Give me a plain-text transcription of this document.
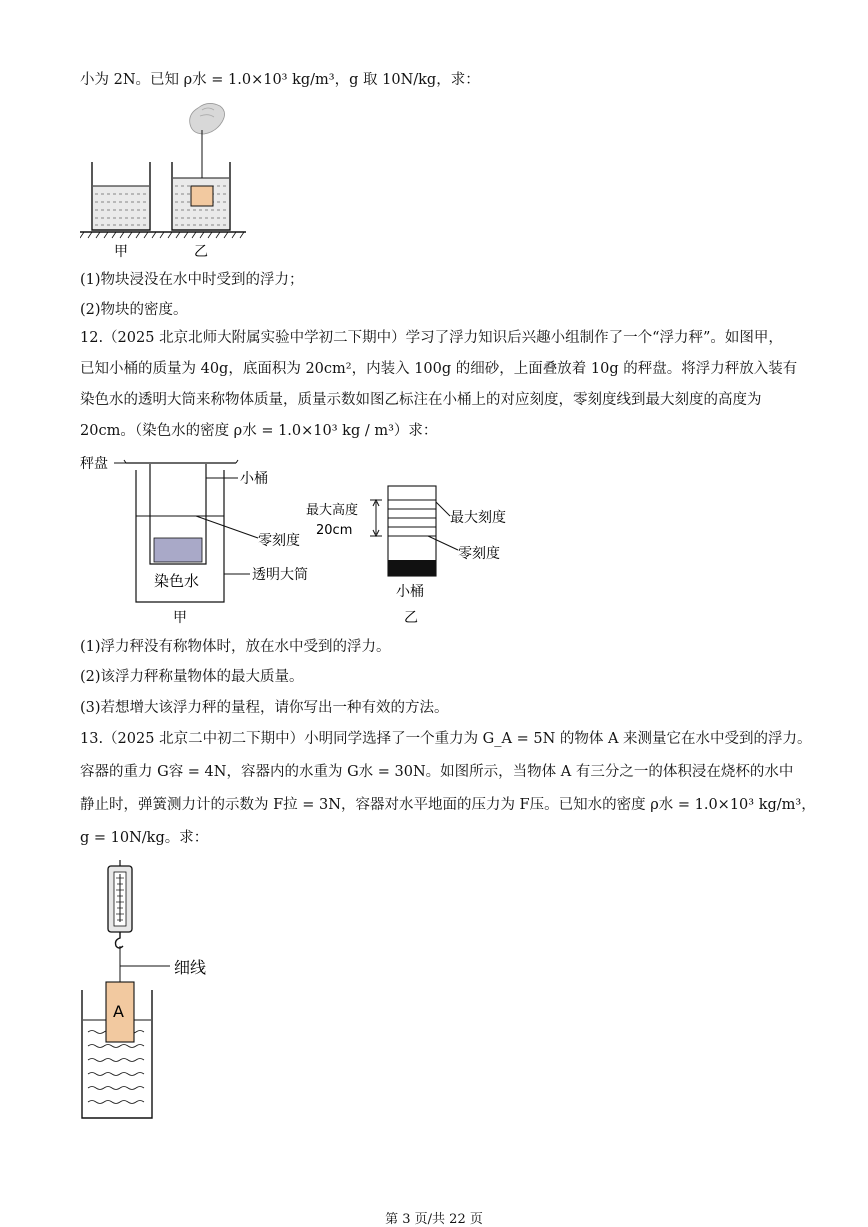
小为 2N。已知 ρ水 = 1.0×10³ kg/m³，g 取 10N/kg，求：
甲	乙
(1)物块浸没在水中时受到的浮力；
(2)物块的密度。
12.（2025 北京北师大附属实验中学初二下期中）学习了浮力知识后兴趣小组制作了一个“浮力秤”。如图甲，
已知小桶的质量为 40g，底面积为 20cm²，内装入 100g 的细砂，上面叠放着 10g 的秤盘。将浮力秤放入装有
染色水的透明大筒来称物体质量，质量示数如图乙标注在小桶上的对应刻度，零刻度线到最大刻度的高度为
20cm。（染色水的密度 ρ水 = 1.0×10³ kg / m³）求：
秤盘
小桶
零刻度
染色水	透明大筒
甲
最大高度
20cm
最大刻度
零刻度
小桶
乙
(1)浮力秤没有称物体时，放在水中受到的浮力。
(2)该浮力秤称量物体的最大质量。
(3)若想增大该浮力秤的量程，请你写出一种有效的方法。
13.（2025 北京二中初二下期中）小明同学选择了一个重力为 G_A = 5N 的物体 A 来测量它在水中受到的浮力。
容器的重力 G容 = 4N，容器内的水重为 G水 = 30N。如图所示，当物体 A 有三分之一的体积浸在烧杯的水中
静止时，弹簧测力计的示数为 F拉 = 3N，容器对水平地面的压力为 F压。已知水的密度 ρ水 = 1.0×10³ kg/m³，
g = 10N/kg。求：
细线
A
第 3 页/共 22 页
